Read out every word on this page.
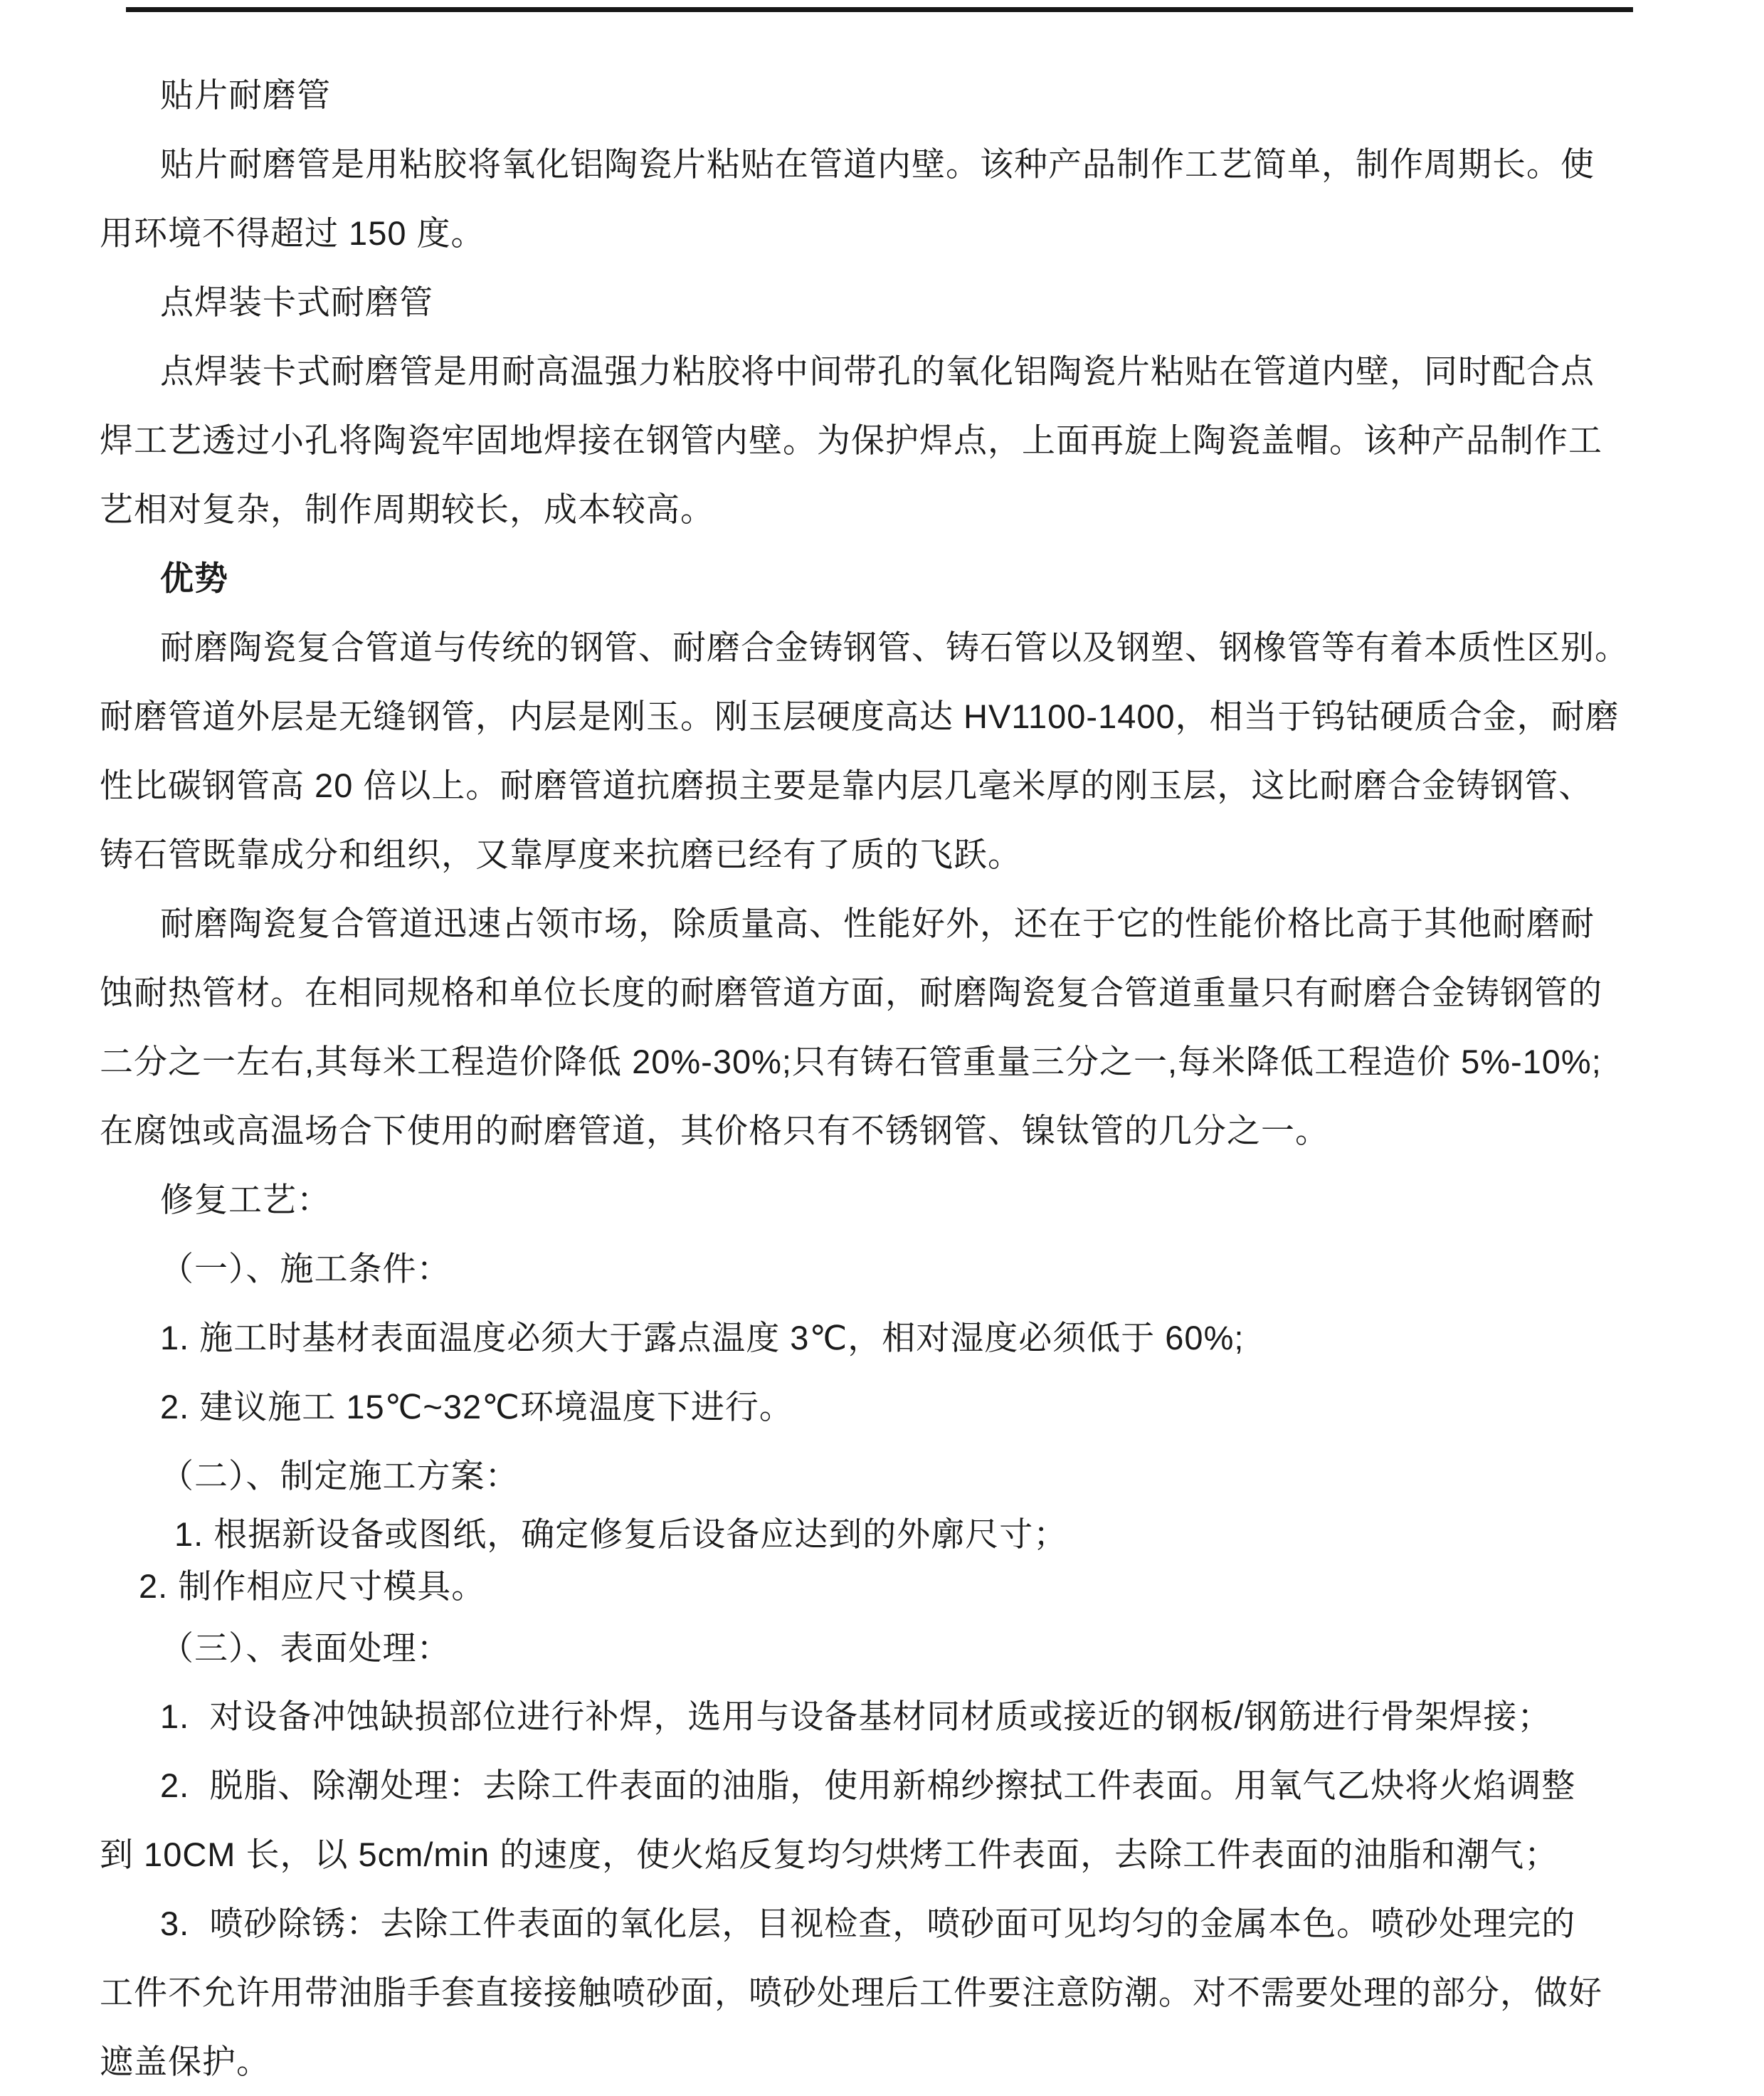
贴片耐磨管
贴片耐磨管是用粘胶将氧化铝陶瓷片粘贴在管道内壁。该种产品制作工艺简单，制作周期长。使
用环境不得超过 150 度。
点焊装卡式耐磨管
点焊装卡式耐磨管是用耐高温强力粘胶将中间带孔的氧化铝陶瓷片粘贴在管道内壁，同时配合点
焊工艺透过小孔将陶瓷牢固地焊接在钢管内壁。为保护焊点，上面再旋上陶瓷盖帽。该种产品制作工
艺相对复杂，制作周期较长，成本较高。
优势
耐磨陶瓷复合管道与传统的钢管、耐磨合金铸钢管、铸石管以及钢塑、钢橡管等有着本质性区别。
耐磨管道外层是无缝钢管，内层是刚玉。刚玉层硬度高达 HV1100-1400，相当于钨钴硬质合金，耐磨
性比碳钢管高 20 倍以上。耐磨管道抗磨损主要是靠内层几毫米厚的刚玉层，这比耐磨合金铸钢管、
铸石管既靠成分和组织，又靠厚度来抗磨已经有了质的飞跃。
耐磨陶瓷复合管道迅速占领市场，除质量高、性能好外，还在于它的性能价格比高于其他耐磨耐
蚀耐热管材。在相同规格和单位长度的耐磨管道方面，耐磨陶瓷复合管道重量只有耐磨合金铸钢管的
二分之一左右,其每米工程造价降低 20%-30%;只有铸石管重量三分之一,每米降低工程造价 5%-10%;
在腐蚀或高温场合下使用的耐磨管道，其价格只有不锈钢管、镍钛管的几分之一。
修复工艺：
（一）、施工条件：
1. 施工时基材表面温度必须大于露点温度 3℃，相对湿度必须低于 60%;
2. 建议施工 15℃~32℃环境温度下进行。
（二）、制定施工方案：
1. 根据新设备或图纸，确定修复后设备应达到的外廓尺寸；
2. 制作相应尺寸模具。
（三）、表面处理：
1.  对设备冲蚀缺损部位进行补焊，选用与设备基材同材质或接近的钢板/钢筋进行骨架焊接；
2.  脱脂、除潮处理：去除工件表面的油脂，使用新棉纱擦拭工件表面。用氧气乙炔将火焰调整
到 10CM 长，以 5cm/min 的速度，使火焰反复均匀烘烤工件表面，去除工件表面的油脂和潮气；
3.  喷砂除锈：去除工件表面的氧化层，目视检查，喷砂面可见均匀的金属本色。喷砂处理完的
工件不允许用带油脂手套直接接触喷砂面，喷砂处理后工件要注意防潮。对不需要处理的部分，做好
遮盖保护。
